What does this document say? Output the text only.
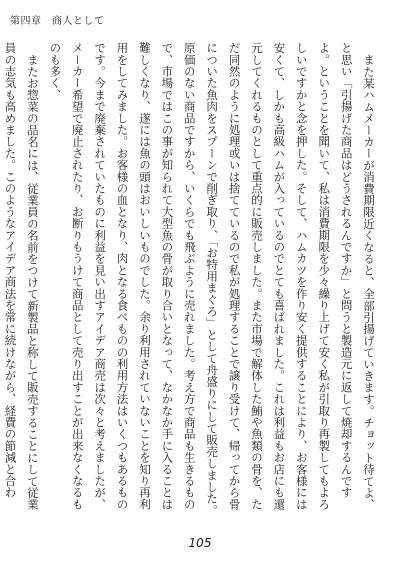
第四章　商人として

また某ハムメーカーが消費期限近くなると、全部引揚げていきます。チョット待てよ、と思い「引揚げた商品はどうされるんですか」と問うと製造元に返して焼却するんですよ。ということを聞いて、私は消費期限を少々繰り上げて安く私が引取り再製してもよろしいですかと念を押した。そして、ハムカツを作り安く提供することにより、お客様には安くて、しかも高級ハムが入っているのでとても喜ばれました。これは利益もお店にも還元してくれるものとして重点的に販売しました。また市場で解体した鮪や魚類の骨を、ただ同然のように処理或いは捨てているので私が処理することで譲り受けて、帰ってから骨についた魚肉をスプーンで削ぎ取り、「お特用まぐろ」として舟盛りにして販売しました。原価のない商品ですから、いくらでも飛ぶように売れました。考え方で商品も生きるもので、市場ではこの事が知られて大型魚の骨が取り合いとなって、なかなか手に入ることは難しくなり、遂には魚の頭はおいしいものでした。余り利用されていないことを知り再利用をしてみました。お客様の血となり、肉となる食べものの利用方法はいくつもあるものです。今まで廃棄されていたものに利益を見い出すアイデア商売は次々と考えましたが、メーカー希望で廃止されたり、お断りもうけて商品として売り出すことが出来なくなるものも多く、

またお惣菜の品名には、従業員の名前をつけて新製品と称して販売することにして従業員の志気も高めました。このようなアイデア商法を常に続けながら、経費の節減と合わ

105
